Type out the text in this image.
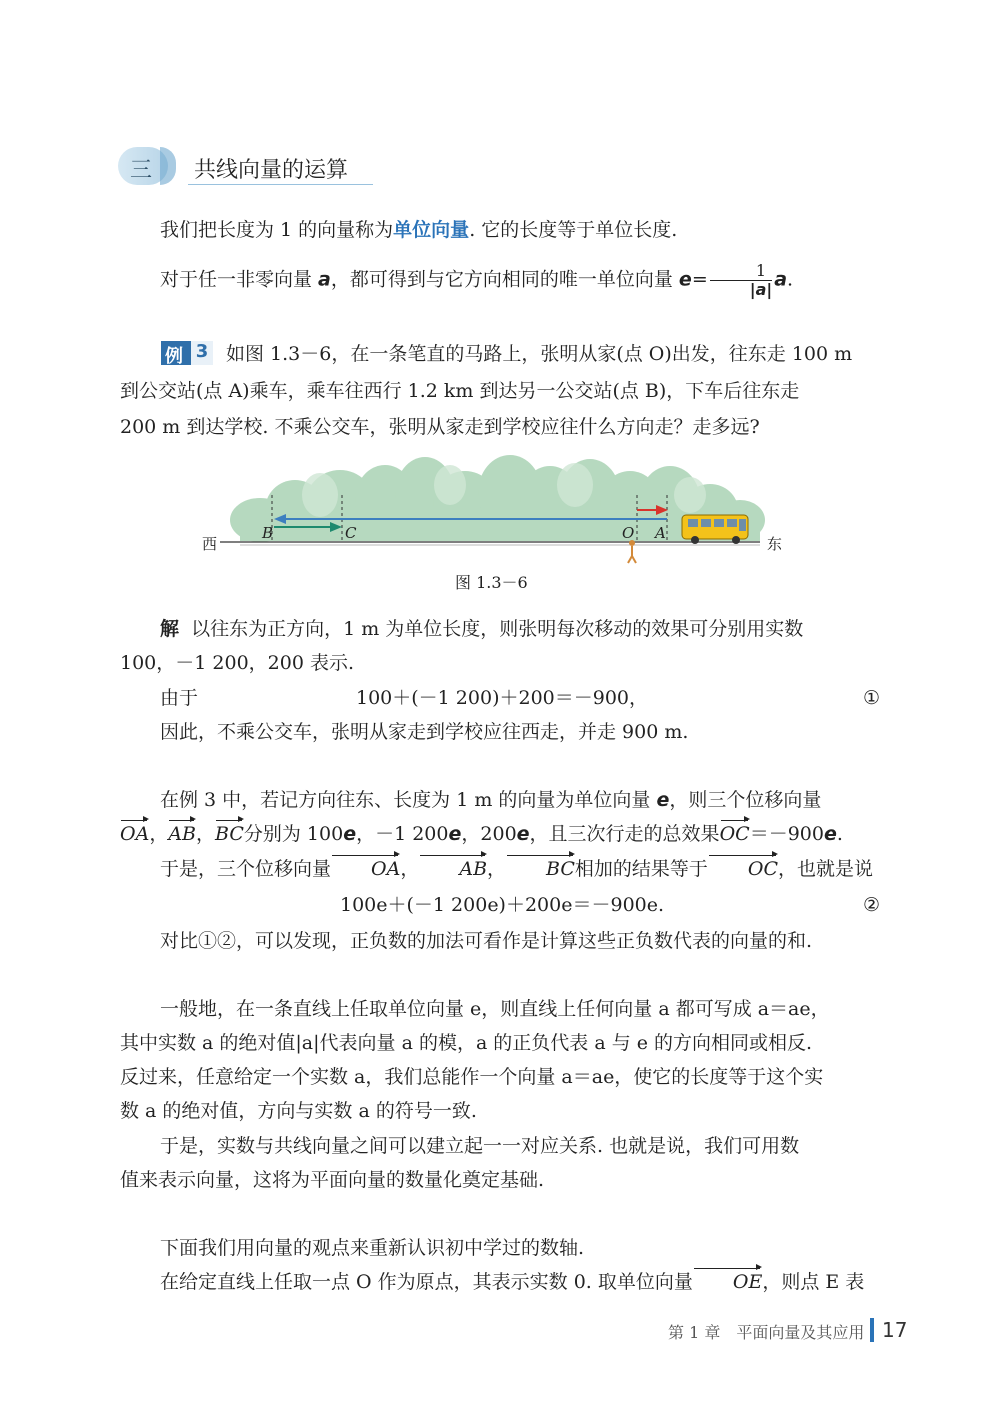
三 共线向量的运算
我们把长度为 1 的向量称为单位向量. 它的长度等于单位长度.
对于任一非零向量 a，都可得到与它方向相同的唯一单位向量 $e= \frac{1}{|a|} a$.
例 3 如图 1.3－6，在一条笔直的马路上，张明从家(点 O)出发，往东走 100 m
到公交站(点 A)乘车，乘车往西行 1.2 km 到达另一公交站(点 B)，下车后往东走
200 m 到达学校. 不乘公交车，张明从家走到学校应往什么方向走？走多远?
西	东
B	C	O A
图 1.3－6
解 以往东为正方向，1 m 为单位长度，则张明每次移动的效果可分别用实数
100，－1 200，200 表示.
由于	100＋(－1 200)＋200＝－900，	①
因此，不乘公交车，张明从家走到学校应往西走，并走 900 m.
在例 3 中，若记方向往东、长度为 1 m 的向量为单位向量 e，则三个位移向量
OA，AB，BC分别为 100e，－1 200e，200e，且三次行走的总效果OC＝－900e.
于是，三个位移向量 OA， AB， BC相加的结果等于 OC，也就是说
100e＋(－1 200e)＋200e＝－900e.	②
对比①②，可以发现，正负数的加法可看作是计算这些正负数代表的向量的和.
一般地，在一条直线上任取单位向量 e，则直线上任何向量 a 都可写成 a＝ae，
其中实数 a 的绝对值|a|代表向量 a 的模，a 的正负代表 a 与 e 的方向相同或相反.
反过来，任意给定一个实数 a，我们总能作一个向量 a＝ae，使它的长度等于这个实
数 a 的绝对值，方向与实数 a 的符号一致.
于是，实数与共线向量之间可以建立起一一对应关系. 也就是说，我们可用数
值来表示向量，这将为平面向量的数量化奠定基础.
下面我们用向量的观点来重新认识初中学过的数轴.
在给定直线上任取一点 O 作为原点，其表示实数 0. 取单位向量 OE，则点 E 表
第 1 章　平面向量及其应用 17
